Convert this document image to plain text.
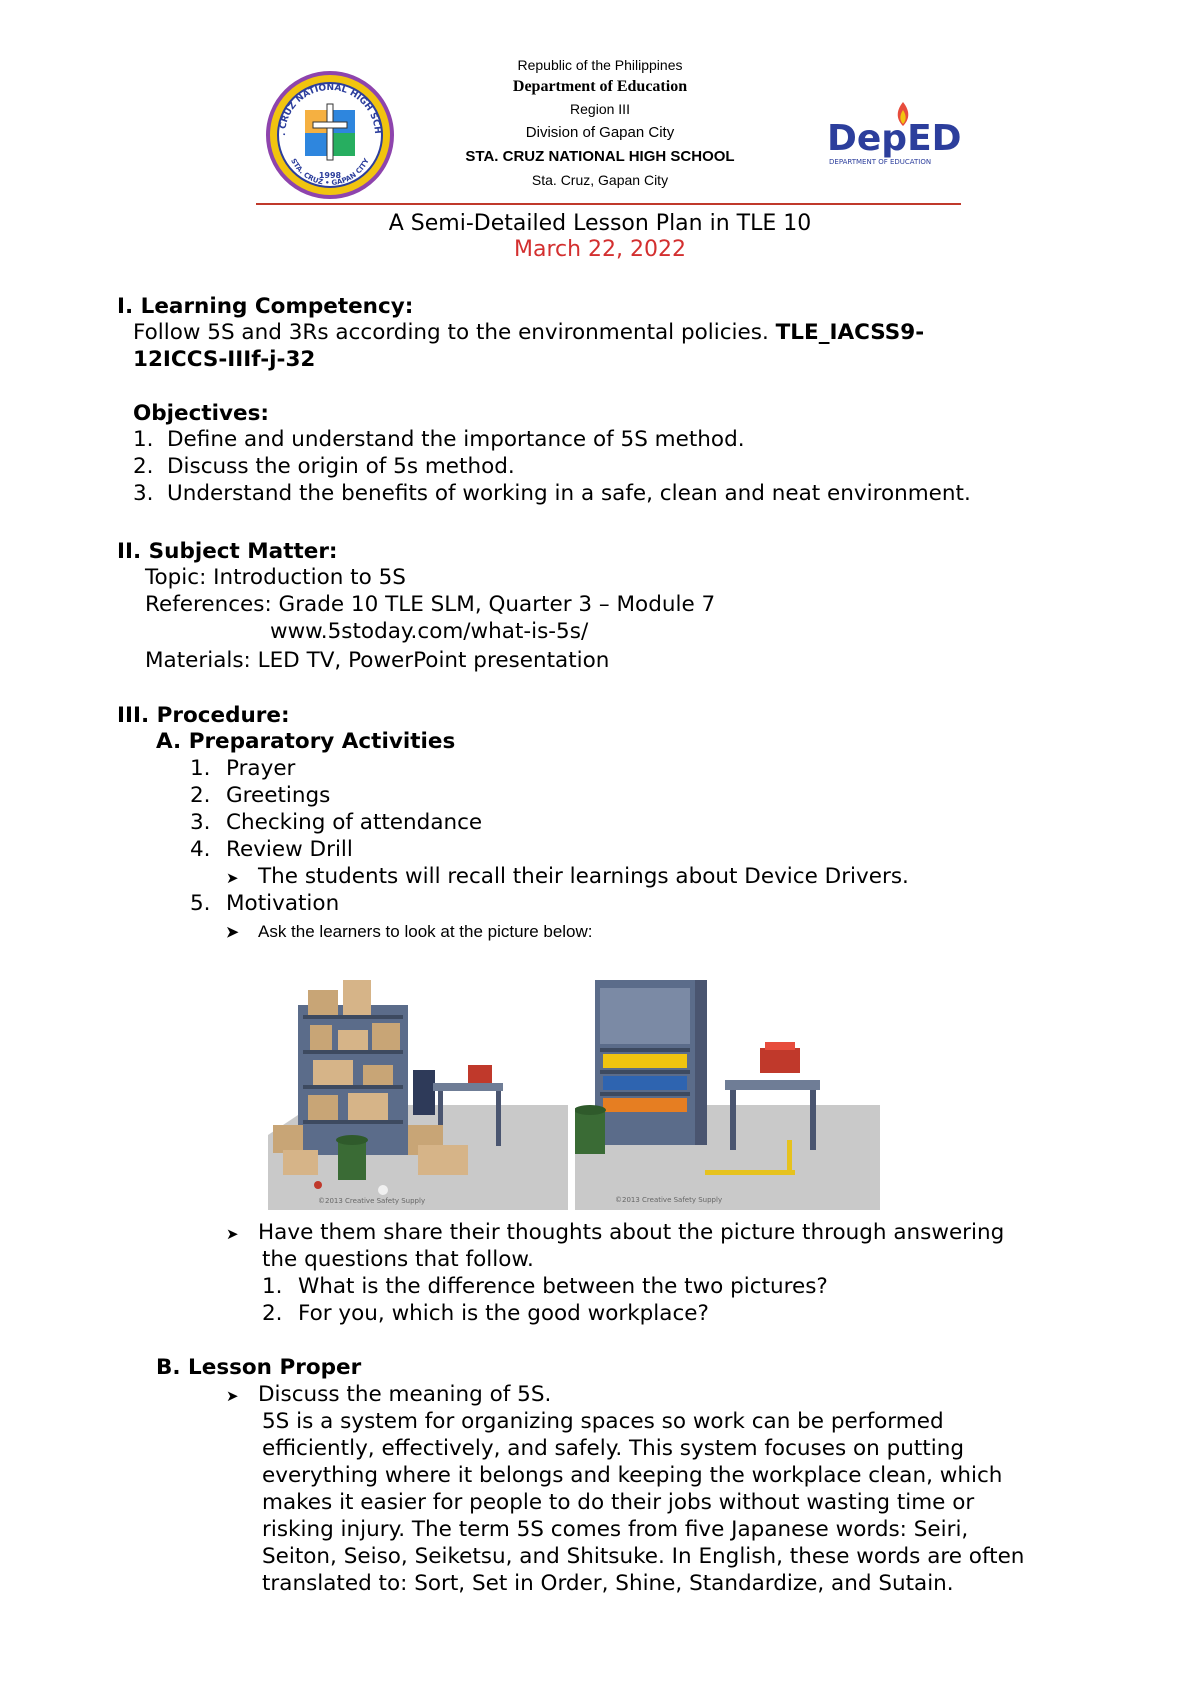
. CRUZ NATIONAL HIGH SCH
STA. CRUZ • GAPAN CITY
1998
Republic of the Philippines
Department of Education
Region III
Division of Gapan City
STA. CRUZ NATIONAL HIGH SCHOOL
Sta. Cruz, Gapan City
DepED
DEPARTMENT OF EDUCATION
A Semi-Detailed Lesson Plan in TLE 10
March 22, 2022
I. Learning Competency:
Follow 5S and 3Rs according to the environmental policies. TLE_IACSS9-
12ICCS-IIIf-j-32
Objectives:
1. Define and understand the importance of 5S method.
2. Discuss the origin of 5s method.
3. Understand the benefits of working in a safe, clean and neat environment.
II. Subject Matter:
Topic: Introduction to 5S
References: Grade 10 TLE SLM, Quarter 3 – Module 7
www.5stoday.com/what-is-5s/
Materials: LED TV, PowerPoint presentation
III. Procedure:
A. Preparatory Activities
1. Prayer
2. Greetings
3. Checking of attendance
4. Review Drill
➤ The students will recall their learnings about Device Drivers.
5. Motivation
➤ Ask the learners to look at the picture below:
©2013 Creative Safety Supply	©2013 Creative Safety Supply
➤ Have them share their thoughts about the picture through answering
the questions that follow.
1. What is the difference between the two pictures?
2. For you, which is the good workplace?
B. Lesson Proper
➤ Discuss the meaning of 5S.
5S is a system for organizing spaces so work can be performed
efficiently, effectively, and safely. This system focuses on putting
everything where it belongs and keeping the workplace clean, which
makes it easier for people to do their jobs without wasting time or
risking injury. The term 5S comes from five Japanese words: Seiri,
Seiton, Seiso, Seiketsu, and Shitsuke. In English, these words are often
translated to: Sort, Set in Order, Shine, Standardize, and Sutain.
